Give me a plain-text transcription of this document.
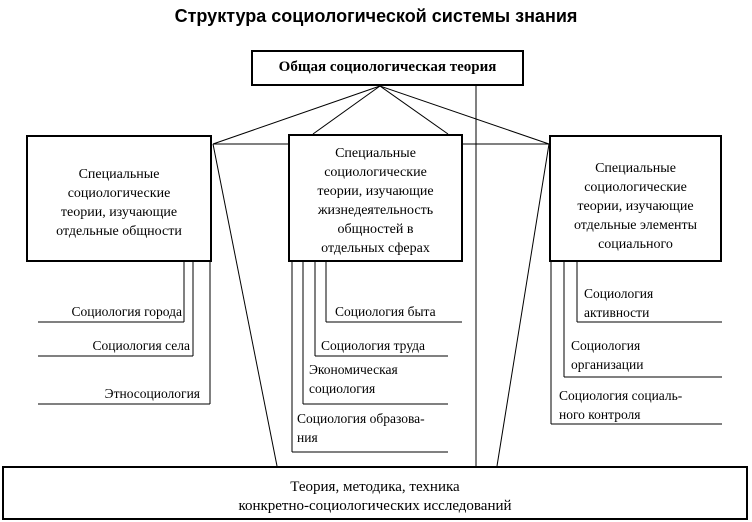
Структура социологической системы знания
Общая социологическая теория
Специальные
социологические
теории, изучающие
отдельные общности
Специальные
социологические
теории, изучающие
жизнедеятельность
общностей в
отдельных сферах
Специальные
социологические
теории, изучающие
отдельные элементы
социального
Теория, методика, техника
конкретно-социологических исследований
Социология города
Социология села
Этносоциология
Социология быта
Социология труда
Экономическая
социология
Социология образова-
ния
Социология
активности
Социология
организации
Социология социаль-
ного контроля
